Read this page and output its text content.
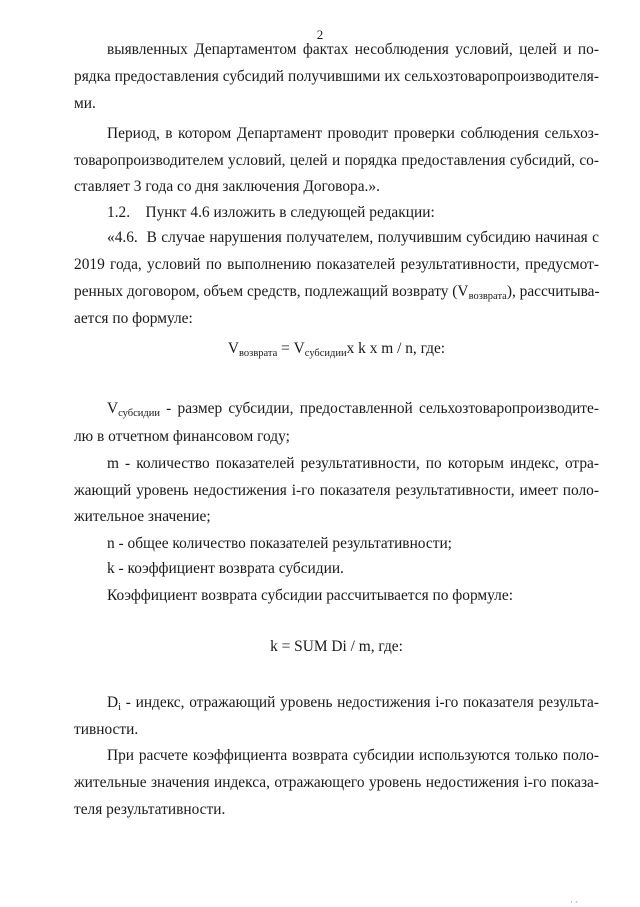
2
выявленных Департаментом фактах несоблюдения условий, целей и по-
рядка предоставления субсидий получившими их сельхозтоваропроизводителя-
ми.
Период, в котором Департамент проводит проверки соблюдения сельхоз-
товаропроизводителем условий, целей и порядка предоставления субсидий, со-
ставляет 3 года со дня заключения Договора.».
1.2.    Пункт 4.6 изложить в следующей редакции:
«4.6.  В случае нарушения получателем, получившим субсидию начиная с
2019 года, условий по выполнению показателей результативности, предусмот-
ренных договором, объем средств, подлежащий возврату $(V_{возврата})$, рассчитыва-
ается по формуле:
$V_{возврата} = V_{субсидии}x$ k x m / n, где:
$V_{субсидии}$ - размер субсидии, предоставленной сельхозтоваропроизводите-
лю в отчетном финансовом году;
m - количество показателей результативности, по которым индекс, отра-
жающий уровень недостижения i-го показателя результативности, имеет поло-
жительное значение;
n - общее количество показателей результативности;
k - коэффициент возврата субсидии.
Коэффициент возврата субсидии рассчитывается по формуле:
k = SUM Di / m, где:
$D_i$ - индекс, отражающий уровень недостижения i-го показателя результа-
тивности.
При расчете коэффициента возврата субсидии используются только поло-
жительные значения индекса, отражающего уровень недостижения i-го показа-
теля результативности.
· ·
